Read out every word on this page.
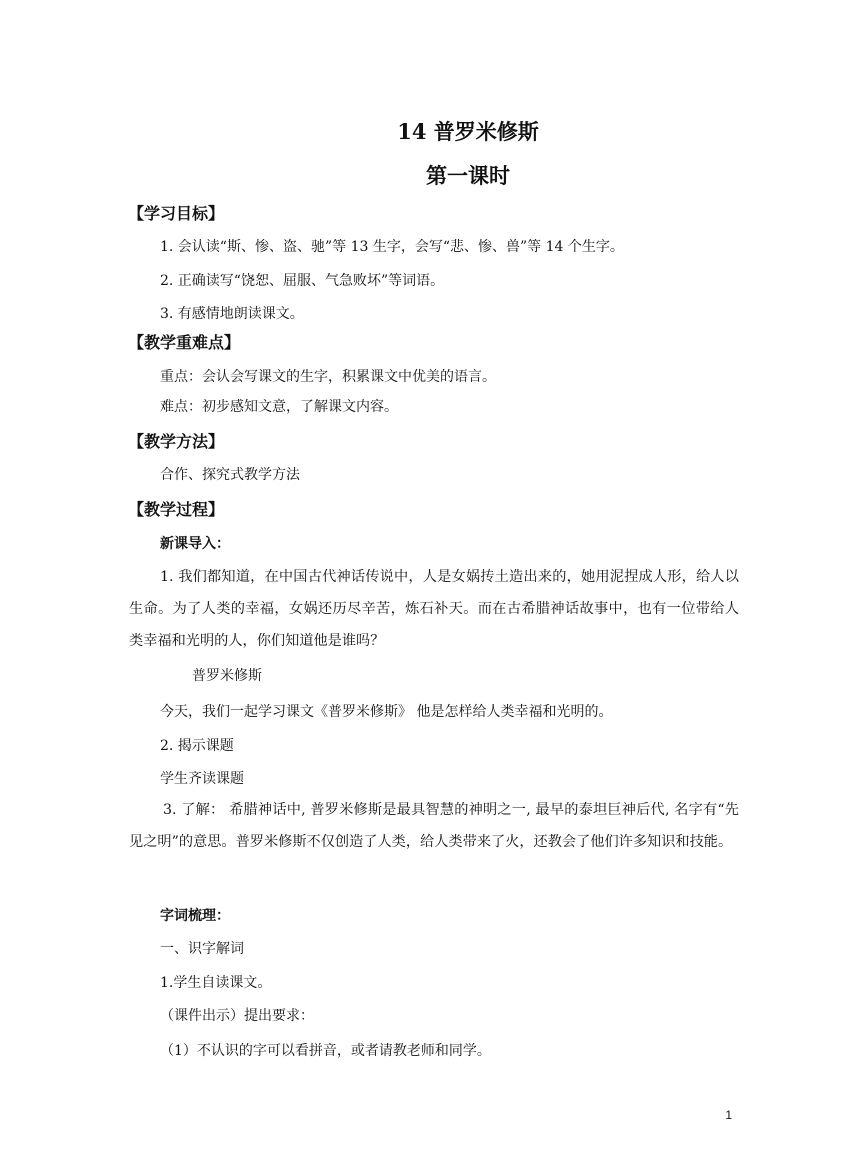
14 普罗米修斯
第一课时
【学习目标】
1. 会认读“斯、惨、盗、驰”等 13 生字，会写“悲、惨、兽”等 14 个生字。
2. 正确读写“饶恕、屈服、气急败坏”等词语。
3. 有感情地朗读课文。
【教学重难点】
重点：会认会写课文的生字，积累课文中优美的语言。
难点：初步感知文意，了解课文内容。
【教学方法】
合作、探究式教学方法
【教学过程】
新课导入：
1. 我们都知道，在中国古代神话传说中，人是女娲抟土造出来的，她用泥捏成人形，给人以生命。为了人类的幸福，女娲还历尽辛苦，炼石补天。而在古希腊神话故事中，也有一位带给人类幸福和光明的人，你们知道他是谁吗？
普罗米修斯
今天，我们一起学习课文《普罗米修斯》 他是怎样给人类幸福和光明的。
2. 揭示课题
学生齐读课题
3. 了解： 希腊神话中, 普罗米修斯是最具智慧的神明之一, 最早的泰坦巨神后代, 名字有“先见之明”的意思。普罗米修斯不仅创造了人类，给人类带来了火，还教会了他们许多知识和技能。
字词梳理：
一、识字解词
1.学生自读课文。
（课件出示）提出要求：
（1）不认识的字可以看拼音，或者请教老师和同学。
1
